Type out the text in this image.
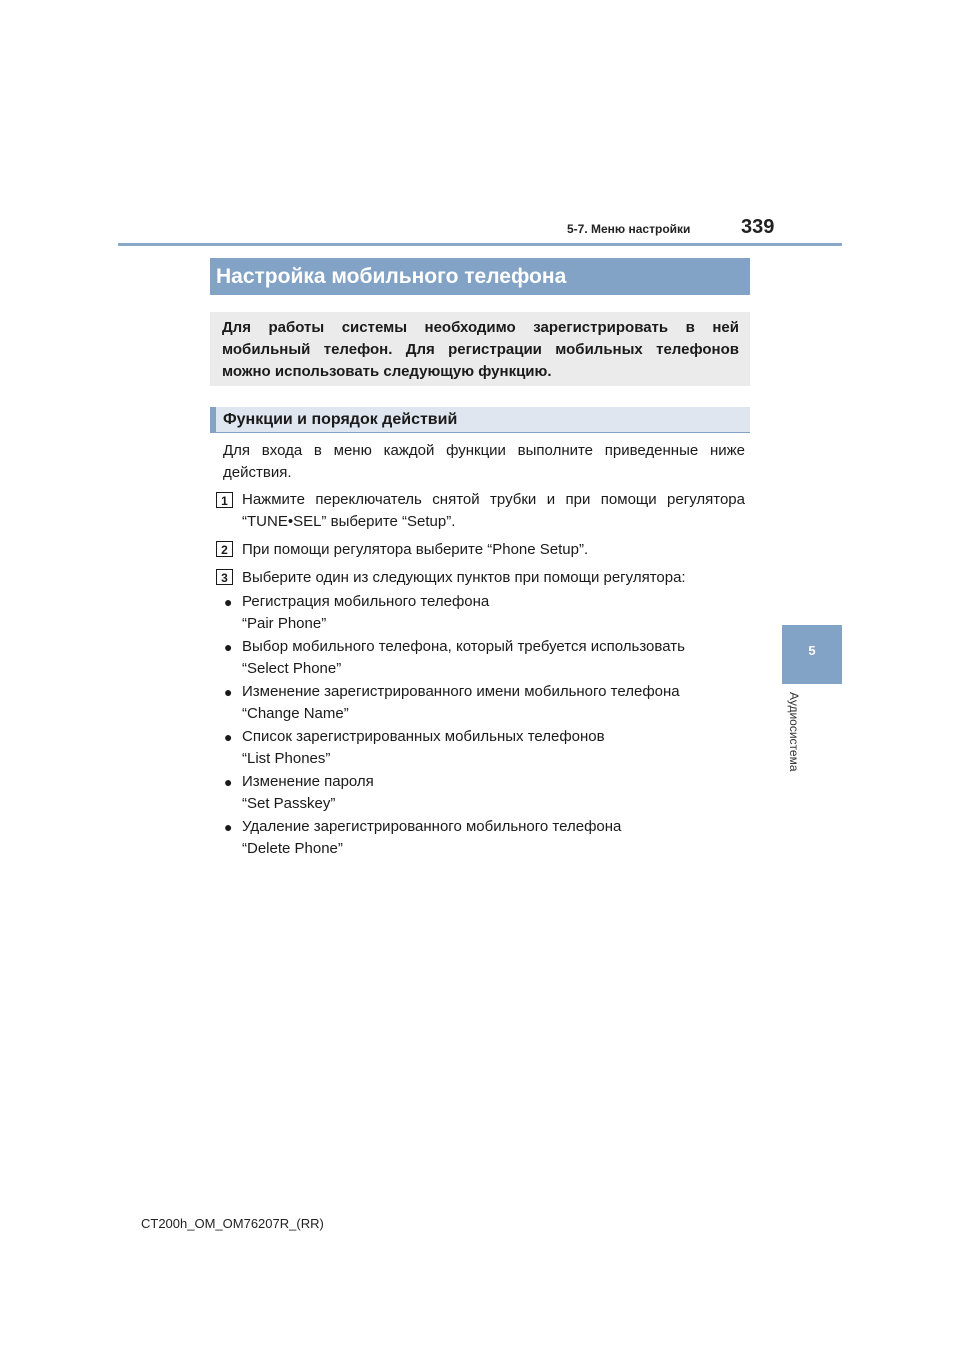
5-7. Меню настройки	339
Настройка мобильного телефона
Для работы системы необходимо зарегистрировать в ней мобильный телефон. Для регистрации мобильных телефонов можно использовать следующую функцию.
Функции и порядок действий
Для входа в меню каждой функции выполните приведенные ниже действия.
1 Нажмите переключатель снятой трубки и при помощи регулятора “TUNE•SEL” выберите “Setup”.
2 При помощи регулятора выберите “Phone Setup”.
3 Выберите один из следующих пунктов при помощи регулятора:
● Регистрация мобильного телефона
“Pair Phone”
● Выбор мобильного телефона, который требуется использовать
“Select Phone”
● Изменение зарегистрированного имени мобильного телефона
“Change Name”
● Список зарегистрированных мобильных телефонов
“List Phones”
● Изменение пароля
“Set Passkey”
● Удаление зарегистрированного мобильного телефона
“Delete Phone”
5
Аудиосистема
CT200h_OM_OM76207R_(RR)
